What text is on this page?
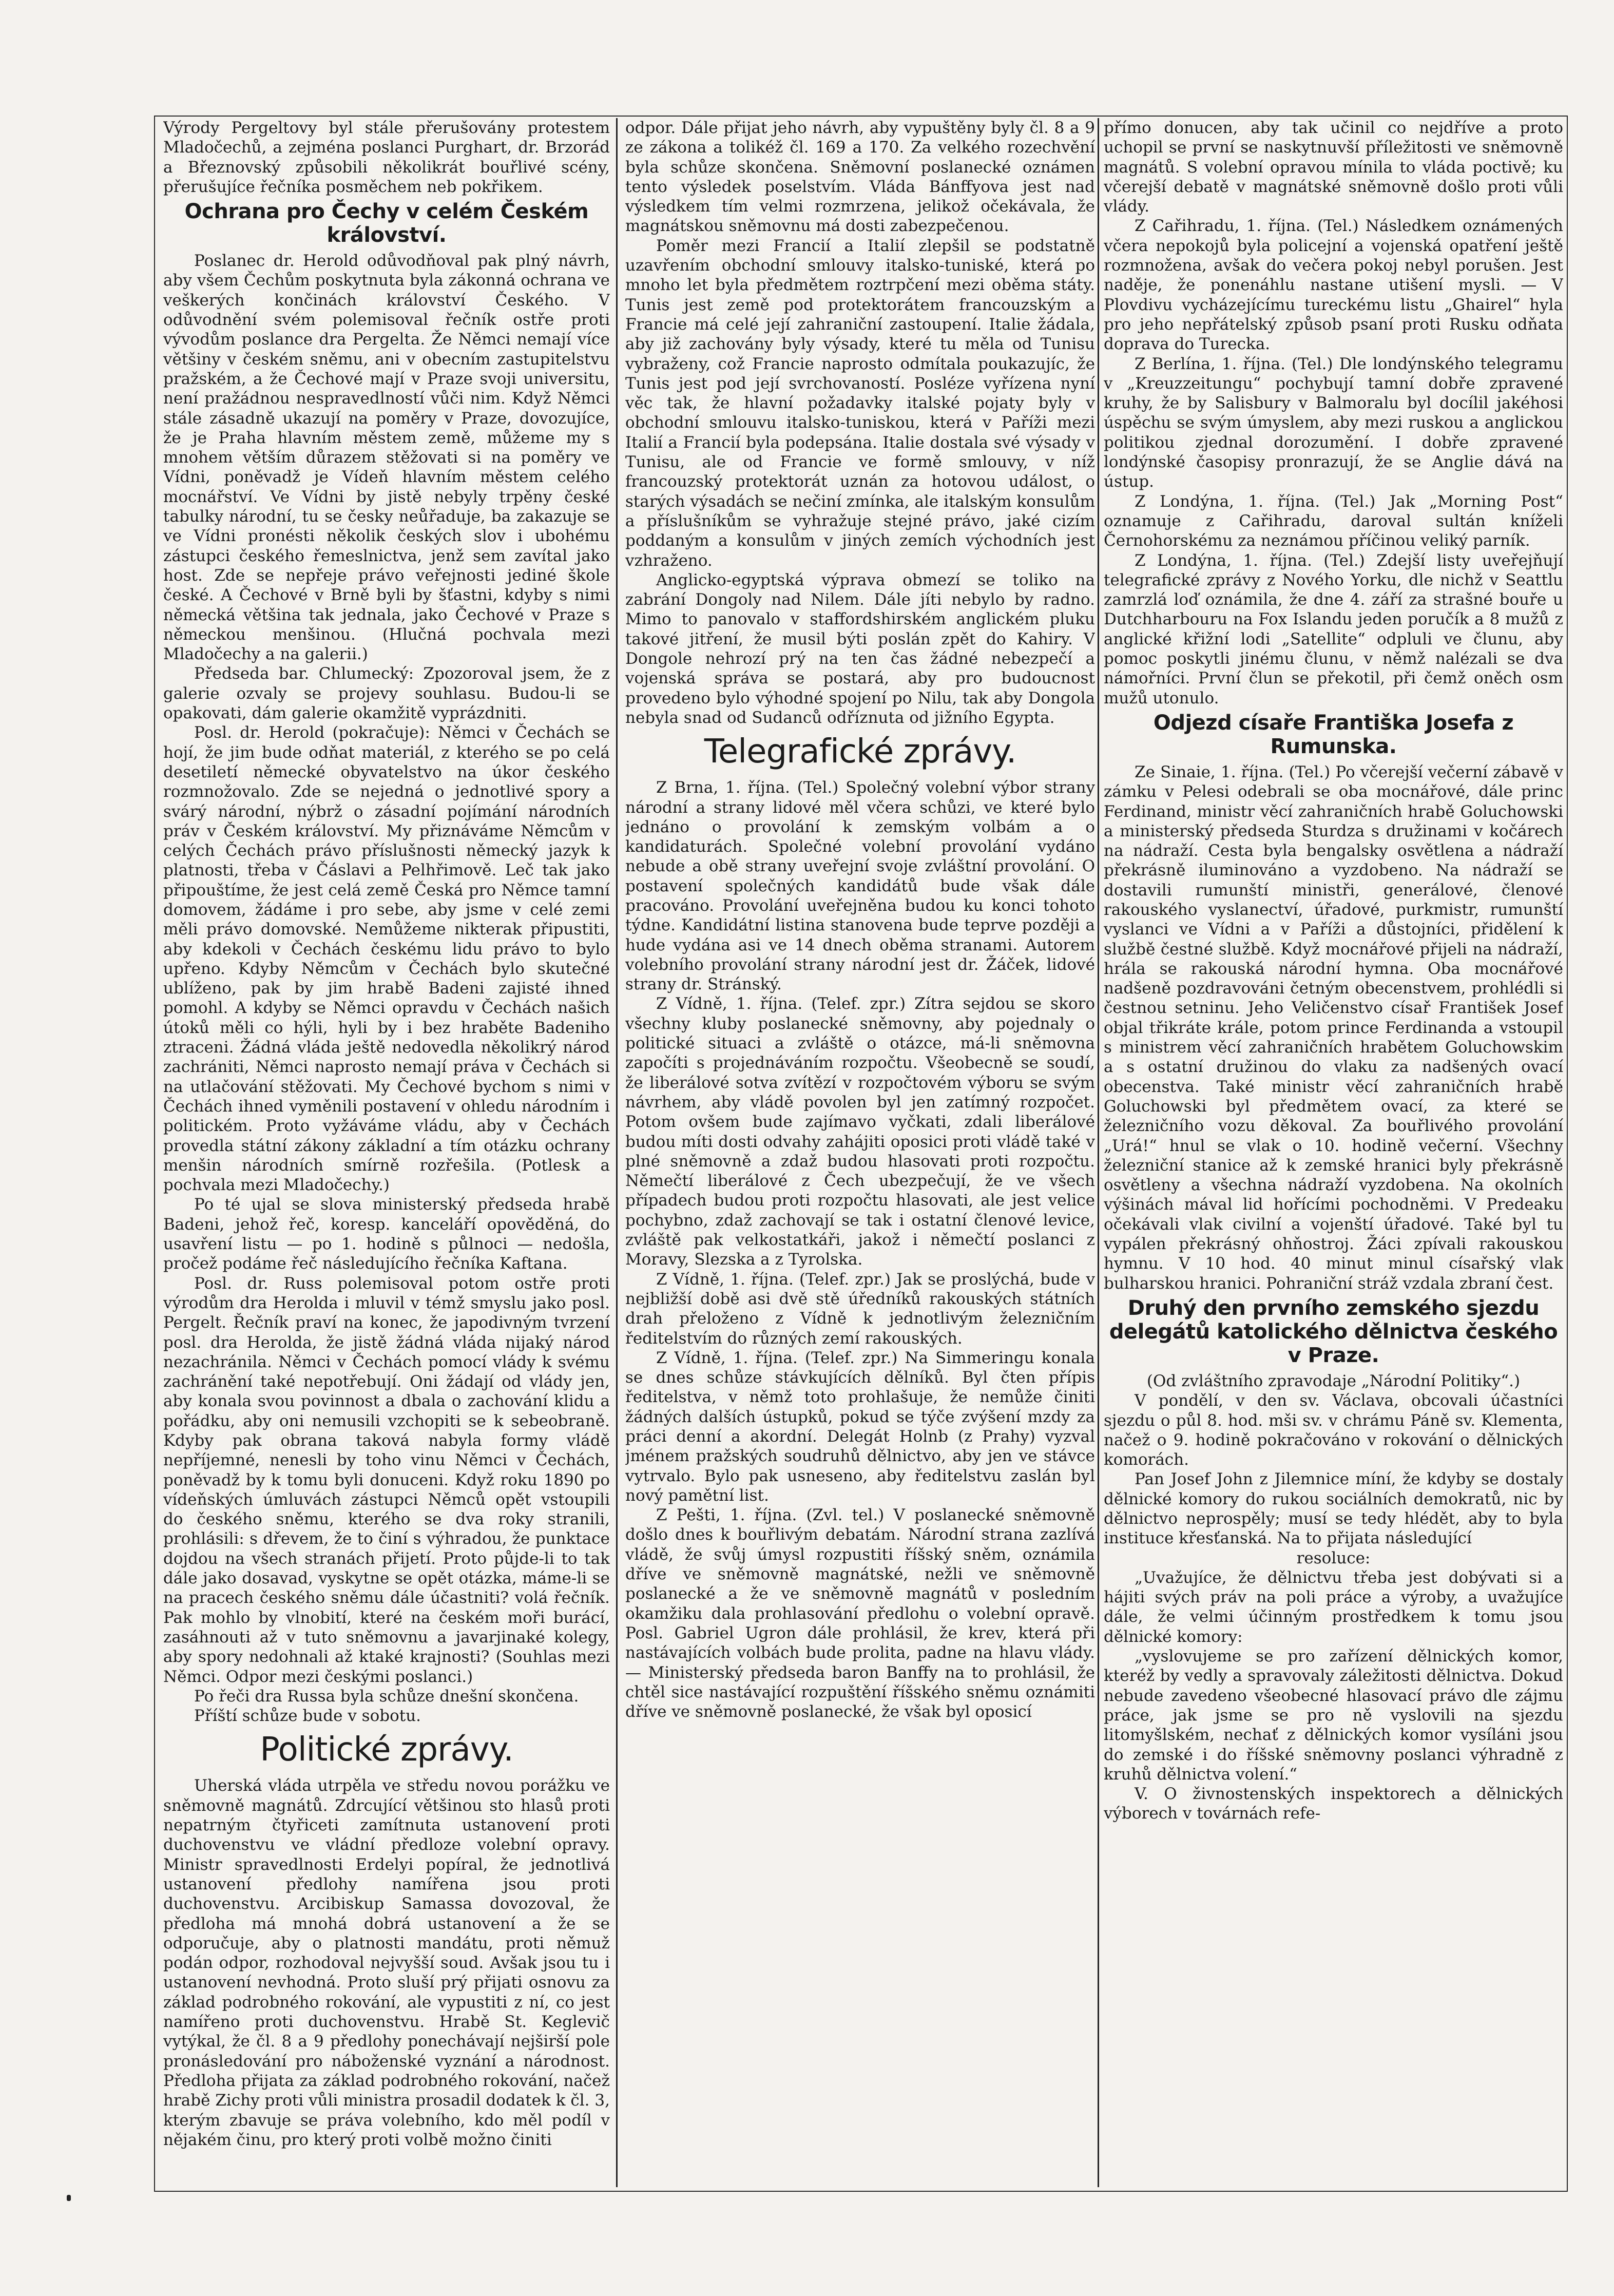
Výrody Pergeltovy byl stále přerušovány protestem Mladočechů, a zejména poslanci Purghart, dr. Brzorád a Březnovský způsobili několikrát bouřlivé scény, přerušujíce řečníka posměchem neb pokřikem.

Ochrana pro Čechy v celém Českém království.

Poslanec dr. Herold odůvodňoval pak plný návrh, aby všem Čechům poskytnuta byla zákonná ochrana ve veškerých končinách království Českého. V odůvodnění svém polemisoval řečník ostře proti vývodům poslance dra Pergelta. Že Němci nemají více většiny v českém sněmu, ani v obecním zastupitelstvu pražském, a že Čechové mají v Praze svoji universitu, není pražádnou nespravedlností vůči nim. Když Němci stále zásadně ukazují na poměry v Praze, dovozujíce, že je Praha hlavním městem země, můžeme my s mnohem větším důrazem stěžovati si na poměry ve Vídni, poněvadž je Vídeň hlavním městem celého mocnářství. Ve Vídni by jistě nebyly trpěny české tabulky národní, tu se česky neůřaduje, ba zakazuje se ve Vídni pronésti několik českých slov i ubohému zástupci českého řemeslnictva, jenž sem zavítal jako host. Zde se nepřeje právo veřejnosti jediné škole české. A Čechové v Brně byli by šťastni, kdyby s nimi německá většina tak jednala, jako Čechové v Praze s německou menšinou. (Hlučná pochvala mezi Mladočechy a na galerii.)

Předseda bar. Chlumecký: Zpozoroval jsem, že z galerie ozvaly se projevy souhlasu. Budou-li se opakovati, dám galerie okamžitě vyprázdniti.

Posl. dr. Herold (pokračuje): Němci v Čechách se hojí, že jim bude odňat materiál, z kterého se po celá desetiletí německé obyvatelstvo na úkor českého rozmnožovalo. Zde se nejedná o jednotlivé spory a svárý národní, nýbrž o zásadní pojímání národních práv v Českém království. My přiznáváme Němcům v celých Čechách právo příslušnosti německý jazyk k platnosti, třeba v Čáslavi a Pelhřimově. Leč tak jako připouštíme, že jest celá země Česká pro Němce tamní domovem, žádáme i pro sebe, aby jsme v celé zemi měli právo domovské. Nemůžeme nikterak připustiti, aby kdekoli v Čechách českému lidu právo to bylo upřeno. Kdyby Němcům v Čechách bylo skutečné ublíženo, pak by jim hrabě Badeni zajisté ihned pomohl. A kdyby se Němci opravdu v Čechách našich útoků měli co hýli, hyli by i bez hraběte Badeniho ztraceni. Žádná vláda ještě nedovedla několikrý národ zachrániti, Němci naprosto nemají práva v Čechách si na utlačování stěžovati. My Čechové bychom s nimi v Čechách ihned vyměnili postavení v ohledu národním i politickém. Proto vyžáváme vládu, aby v Čechách provedla státní zákony základní a tím otázku ochrany menšin národních smírně rozřešila. (Potlesk a pochvala mezi Mladočechy.)

Po té ujal se slova ministerský předseda hrabě Badeni, jehož řeč, koresp. kanceláří opověděná, do usavření listu — po 1. hodině s půlnoci — nedošla, pročež podáme řeč následujícího řečníka Kaftana.

Posl. dr. Russ polemisoval potom ostře proti výrodům dra Herolda i mluvil v témž smyslu jako posl. Pergelt. Řečník praví na konec, že japodivným tvrzení posl. dra Herolda, že jistě žádná vláda nijaký národ nezachránila. Němci v Čechách pomocí vlády k svému zachránění také nepotřebují. Oni žádají od vlády jen, aby konala svou povinnost a dbala o zachování klidu a pořádku, aby oni nemusili vzchopiti se k sebeobraně. Kdyby pak obrana taková nabyla formy vládě nepříjemné, nenesli by toho vinu Němci v Čechách, poněvadž by k tomu byli donuceni. Když roku 1890 po vídeňských úmluvách zástupci Němců opět vstoupili do českého sněmu, kterého se dva roky stranili, prohlásili: s dřevem, že to činí s výhradou, že punktace dojdou na všech stranách přijetí. Proto půjde-li to tak dále jako dosavad, vyskytne se opět otázka, máme-li se na pracech českého sněmu dále účastniti? volá řečník. Pak mohlo by vlnobití, které na českém moři burácí, zasáhnouti až v tuto sněmovnu a javarjinaké kolegy, aby spory nedohnali až ktaké krajnosti? (Souhlas mezi Němci. Odpor mezi českými poslanci.)

Po řeči dra Russa byla schůze dnešní skončena.

Příští schůze bude v sobotu.

Politické zprávy.

Uherská vláda utrpěla ve středu novou porážku ve sněmovně magnátů. Zdrcující většinou sto hlasů proti nepatrným čtyřiceti zamítnuta ustanovení proti duchovenstvu ve vládní předloze volební opravy. Ministr spravedlnosti Erdelyi popíral, že jednotlivá ustanovení předlohy namířena jsou proti duchovenstvu. Arcibiskup Samassa dovozoval, že předloha má mnohá dobrá ustanovení a že se odporučuje, aby o platnosti mandátu, proti němuž podán odpor, rozhodoval nejvyšší soud. Avšak jsou tu i ustanovení nevhodná. Proto sluší prý přijati osnovu za základ podrobného rokování, ale vypustiti z ní, co jest namířeno proti duchovenstvu. Hrabě St. Keglevič vytýkal, že čl. 8 a 9 předlohy ponechávají nejširší pole pronásledování pro náboženské vyznání a národnost. Předloha přijata za základ podrobného rokování, načež hrabě Zichy proti vůli ministra prosadil dodatek k čl. 3, kterým zbavuje se práva volebního, kdo měl podíl v nějakém činu, pro který proti volbě možno činiti

odpor. Dále přijat jeho návrh, aby vypuštěny byly čl. 8 a 9 ze zákona a tolikéž čl. 169 a 170. Za velkého rozechvění byla schůze skončena. Sněmovní poslanecké oznámen tento výsledek poselstvím. Vláda Bánffyova jest nad výsledkem tím velmi rozmrzena, jelikož očekávala, že magnátskou sněmovnu má dosti zabezpečenou.

Poměr mezi Francií a Italií zlepšil se podstatně uzavřením obchodní smlouvy italsko-tuniské, která po mnoho let byla předmětem roztrpčení mezi oběma státy. Tunis jest země pod protektorátem francouzským a Francie má celé její zahraniční zastoupení. Italie žádala, aby již zachovány byly výsady, které tu měla od Tunisu vybraženy, což Francie naprosto odmítala poukazujíc, že Tunis jest pod její svrchovaností. Posléze vyřízena nyní věc tak, že hlavní požadavky italské pojaty byly v obchodní smlouvu italsko-tuniskou, která v Paříži mezi Italií a Francií byla podepsána. Italie dostala své výsady v Tunisu, ale od Francie ve formě smlouvy, v níž francouzský protektorát uznán za hotovou událost, o starých výsadách se nečiní zmínka, ale italským konsulům a příslušníkům se vyhražuje stejné právo, jaké cizím poddaným a konsulům v jiných zemích východních jest vzhraženo.

Anglicko-egyptská výprava obmezí se toliko na zabrání Dongoly nad Nilem. Dále jíti nebylo by radno. Mimo to panovalo v staffordshirském anglickém pluku takové jitření, že musil býti poslán zpět do Kahiry. V Dongole nehrozí prý na ten čas žádné nebezpečí a vojenská správa se postará, aby pro budoucnost provedeno bylo výhodné spojení po Nilu, tak aby Dongola nebyla snad od Sudanců odříznuta od jižního Egypta.

Telegrafické zprávy.

Z Brna, 1. října. (Tel.) Společný volební výbor strany národní a strany lidové měl včera schůzi, ve které bylo jednáno o provolání k zemským volbám a o kandidaturách. Společné volební provolání vydáno nebude a obě strany uveřejní svoje zvláštní provolání. O postavení společných kandidátů bude však dále pracováno. Provolání uveřejněna budou ku konci tohoto týdne. Kandidátní listina stanovena bude teprve později a hude vydána asi ve 14 dnech oběma stranami. Autorem volebního provolání strany národní jest dr. Žáček, lidové strany dr. Stránský.

Z Vídně, 1. října. (Telef. zpr.) Zítra sejdou se skoro všechny kluby poslanecké sněmovny, aby pojednaly o politické situaci a zvláště o otázce, má-li sněmovna započíti s projednáváním rozpočtu. Všeobecně se soudí, že liberálové sotva zvítězí v rozpočtovém výboru se svým návrhem, aby vládě povolen byl jen zatímný rozpočet. Potom ovšem bude zajímavo vyčkati, zdali liberálové budou míti dosti odvahy zahájiti oposici proti vládě také v plné sněmovně a zdaž budou hlasovati proti rozpočtu. Němečtí liberálové z Čech ubezpečují, že ve všech případech budou proti rozpočtu hlasovati, ale jest velice pochybno, zdaž zachovají se tak i ostatní členové levice, zvláště pak velkostatkáři, jakož i němečtí poslanci z Moravy, Slezska a z Tyrolska.

Z Vídně, 1. října. (Telef. zpr.) Jak se proslýchá, bude v nejbližší době asi dvě stě úředníků rakouských státních drah přeloženo z Vídně k jednotlivým železničním ředitelstvím do různých zemí rakouských.

Z Vídně, 1. října. (Telef. zpr.) Na Simmeringu konala se dnes schůze stávkujících dělníků. Byl čten přípis ředitelstva, v němž toto prohlašuje, že nemůže činiti žádných dalších ústupků, pokud se týče zvýšení mzdy za práci denní a akordní. Delegát Holnb (z Prahy) vyzval jménem pražských soudruhů dělnictvo, aby jen ve stávce vytrvalo. Bylo pak usneseno, aby ředitelstvu zaslán byl nový pamětní list.

Z Pešti, 1. října. (Zvl. tel.) V poslanecké sněmovně došlo dnes k bouřlivým debatám. Národní strana zazlívá vládě, že svůj úmysl rozpustiti říšský sněm, oznámila dříve ve sněmovně magnátské, nežli ve sněmovně poslanecké a že ve sněmovně magnátů v posledním okamžiku dala prohlasování předlohu o volební opravě. Posl. Gabriel Ugron dále prohlásil, že krev, která při nastávajících volbách bude prolita, padne na hlavu vlády. — Ministerský předseda baron Banffy na to prohlásil, že chtěl sice nastávající rozpuštění říšského sněmu oznámiti dříve ve sněmovně poslanecké, že však byl oposicí

přímo donucen, aby tak učinil co nejdříve a proto uchopil se první se naskytnuvší příležitosti ve sněmovně magnátů. S volební opravou mínila to vláda poctivě; ku včerejší debatě v magnátské sněmovně došlo proti vůli vlády.

Z Cařihradu, 1. října. (Tel.) Následkem oznámených včera nepokojů byla policejní a vojenská opatření ještě rozmnožena, avšak do večera pokoj nebyl porušen. Jest naděje, že ponenáhlu nastane utišení mysli. — V Plovdivu vycházejícímu tureckému listu „Ghairel“ hyla pro jeho nepřátelský způsob psaní proti Rusku odňata doprava do Turecka.

Z Berlína, 1. října. (Tel.) Dle londýnského telegramu v „Kreuzzeitungu“ pochybují tamní dobře zpravené kruhy, že by Salisbury v Balmoralu byl docílil jakéhosi úspěchu se svým úmyslem, aby mezi ruskou a anglickou politikou zjednal dorozumění. I dobře zpravené londýnské časopisy pronrazují, že se Anglie dává na ústup.

Z Londýna, 1. října. (Tel.) Jak „Morning Post“ oznamuje z Cařihradu, daroval sultán kníželi Černohorskému za neznámou příčinou veliký parník.

Z Londýna, 1. října. (Tel.) Zdejší listy uveřejňují telegrafické zprávy z Nového Yorku, dle nichž v Seattlu zamrzlá loď oznámila, že dne 4. září za strašné bouře u Dutchharbouru na Fox Islandu jeden poručík a 8 mužů z anglické křižní lodi „Satellite“ odpluli ve člunu, aby pomoc poskytli jinému člunu, v němž nalézali se dva námořníci. První člun se překotil, při čemž oněch osm mužů utonulo.

Odjezd císaře Františka Josefa z Rumunska.

Ze Sinaie, 1. října. (Tel.) Po včerejší večerní zábavě v zámku v Pelesi odebrali se oba mocnářové, dále princ Ferdinand, ministr věcí zahraničních hrabě Goluchowski a ministerský předseda Sturdza s družinami v kočárech na nádraží. Cesta byla bengalsky osvětlena a nádraží překrásně iluminováno a vyzdobeno. Na nádraží se dostavili rumunští ministři, generálové, členové rakouského vyslanectví, úřadové, purkmistr, rumunští vyslanci ve Vídni a v Paříži a důstojníci, přidělení k službě čestné službě. Když mocnářové přijeli na nádraží, hrála se rakouská národní hymna. Oba mocnářové nadšeně pozdravováni četným obecenstvem, prohlédli si čestnou setninu. Jeho Veličenstvo císař František Josef objal třikráte krále, potom prince Ferdinanda a vstoupil s ministrem věcí zahraničních hrabětem Goluchowskim a s ostatní družinou do vlaku za nadšených ovací obecenstva. Také ministr věcí zahraničních hrabě Goluchowski byl předmětem ovací, za které se železničního vozu děkoval. Za bouřlivého provolání „Urá!“ hnul se vlak o 10. hodině večerní. Všechny železniční stanice až k zemské hranici byly překrásně osvětleny a všechna nádraží vyzdobena. Na okolních výšinách mával lid hořícími pochodněmi. V Predeaku očekávali vlak civilní a vojenští úřadové. Také byl tu vypálen překrásný ohňostroj. Žáci zpívali rakouskou hymnu. V 10 hod. 40 minut minul císařský vlak bulharskou hranici. Pohraniční stráž vzdala zbraní čest.

Druhý den prvního zemského sjezdu delegátů katolického dělnictva českého v Praze.

(Od zvláštního zpravodaje „Národní Politiky“.)

V pondělí, v den sv. Václava, obcovali účastníci sjezdu o půl 8. hod. mši sv. v chrámu Páně sv. Klementa, načež o 9. hodině pokračováno v rokování o dělnických komorách.

Pan Josef John z Jilemnice míní, že kdyby se dostaly dělnické komory do rukou sociálních demokratů, nic by dělnictvo neprospěly; musí se tedy hlédět, aby to byla instituce křesťanská. Na to přijata následující

resoluce:

„Uvažujíce, že dělnictvu třeba jest dobývati si a hájiti svých práv na poli práce a výroby, a uvažujíce dále, že velmi účinným prostředkem k tomu jsou dělnické komory:

„vyslovujeme se pro zařízení dělnických komor, kteréž by vedly a spravovaly záležitosti dělnictva. Dokud nebude zavedeno všeobecné hlasovací právo dle zájmu práce, jak jsme se pro ně vyslovili na sjezdu litomyšlském, nechať z dělnických komor vysíláni jsou do zemské i do říšské sněmovny poslanci výhradně z kruhů dělnictva volení.“

V. O živnostenských inspektorech a dělnických výborech v továrnách refe-
